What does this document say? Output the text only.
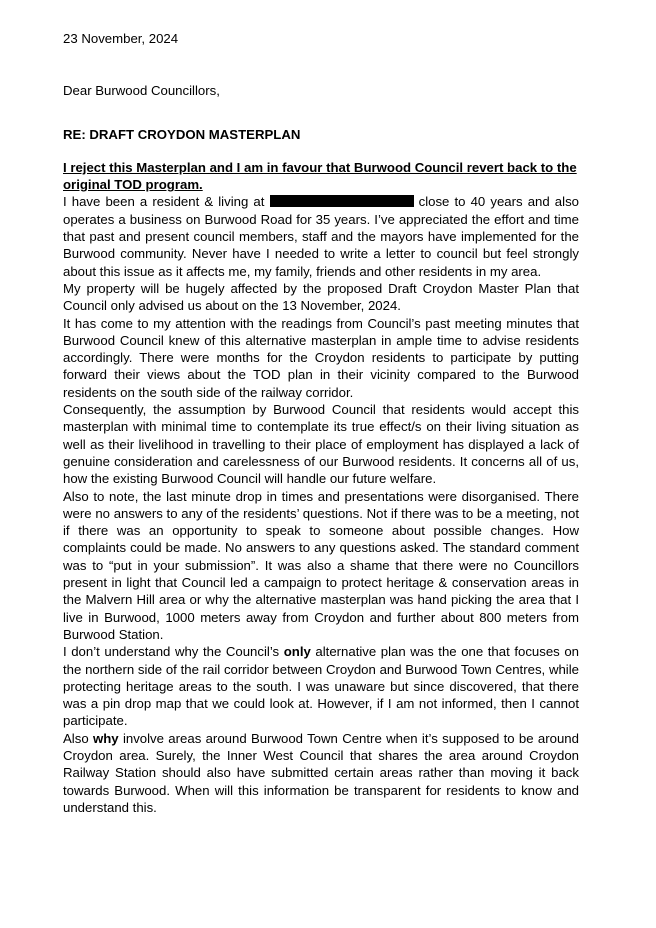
23 November, 2024
Dear Burwood Councillors,
RE: DRAFT CROYDON MASTERPLAN
I reject this Masterplan and I am in favour that Burwood Council revert back to the original TOD program.

I have been a resident & living at	close to 40 years and also operates a business on Burwood Road for 35 years. I’ve appreciated the effort and time that past and present council members, staff and the mayors have implemented for the Burwood community. Never have I needed to write a letter to council but feel strongly about this issue as it affects me, my family, friends and other residents in my area.

My property will be hugely affected by the proposed Draft Croydon Master Plan that Council only advised us about on the 13 November, 2024.

It has come to my attention with the readings from Council’s past meeting minutes that Burwood Council knew of this alternative masterplan in ample time to advise residents accordingly. There were months for the Croydon residents to participate by putting forward their views about the TOD plan in their vicinity compared to the Burwood residents on the south side of the railway corridor.

Consequently, the assumption by Burwood Council that residents would accept this masterplan with minimal time to contemplate its true effect/s on their living situation as well as their livelihood in travelling to their place of employment has displayed a lack of genuine consideration and carelessness of our Burwood residents. It concerns all of us, how the existing Burwood Council will handle our future welfare.

Also to note, the last minute drop in times and presentations were disorganised. There were no answers to any of the residents’ questions. Not if there was to be a meeting, not if there was an opportunity to speak to someone about possible changes. How complaints could be made. No answers to any questions asked. The standard comment was to “put in your submission”. It was also a shame that there were no Councillors present in light that Council led a campaign to protect heritage & conservation areas in the Malvern Hill area or why the alternative masterplan was hand picking the area that I live in Burwood, 1000 meters away from Croydon and further about 800 meters from Burwood Station.

I don’t understand why the Council’s only alternative plan was the one that focuses on the northern side of the rail corridor between Croydon and Burwood Town Centres, while protecting heritage areas to the south. I was unaware but since discovered, that there was a pin drop map that we could look at. However, if I am not informed, then I cannot participate.

Also why involve areas around Burwood Town Centre when it’s supposed to be around Croydon area. Surely, the Inner West Council that shares the area around Croydon Railway Station should also have submitted certain areas rather than moving it back towards Burwood. When will this information be transparent for residents to know and understand this.
